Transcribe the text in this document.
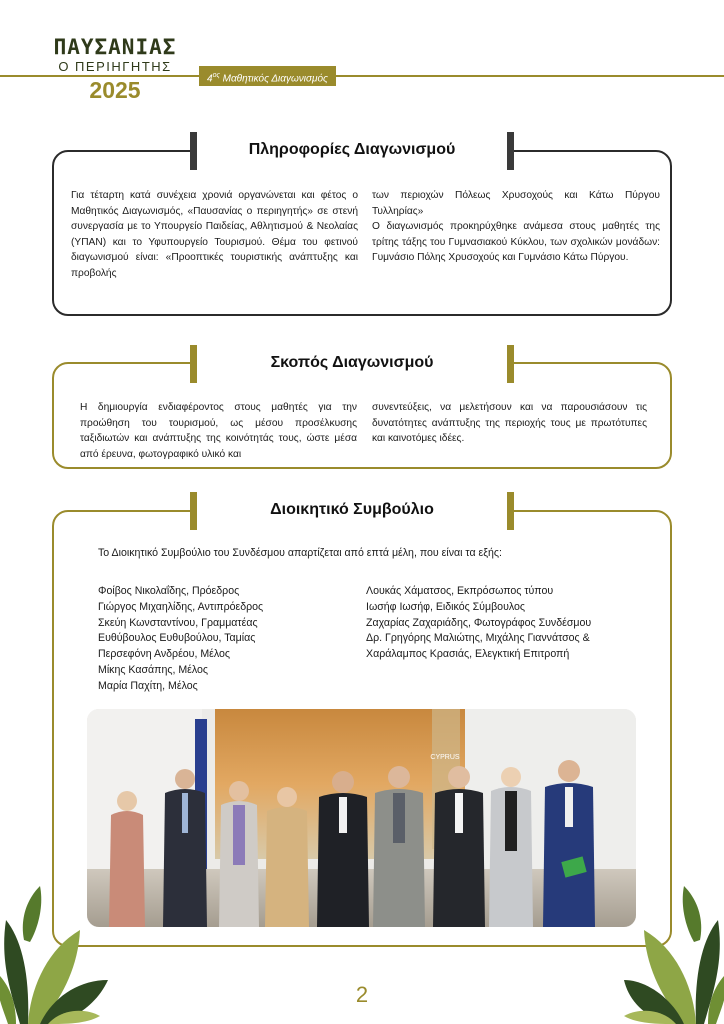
ΠΑΥΣΑΝΙΑΣ
Ο ΠΕΡΙΗΓΗΤΗΣ
2025	$4^{o\varsigma}$ Μαθητικός Διαγωνισμός
Πληροφορίες Διαγωνισμού

Για τέταρτη κατά συνέχεια χρονιά οργανώνεται και φέτος ο Μαθητικός Διαγωνισμός, «Παυσανίας ο περιηγητής» σε στενή συνεργασία με το Υπουργείο Παιδείας, Αθλητισμού & Νεολαίας (ΥΠΑΝ) και το Υφυπουργείο Τουρισμού. Θέμα του φετινού διαγωνισμού είναι: «Προοπτικές τουριστικής ανάπτυξης και προβολής

των περιοχών Πόλεως Χρυσοχούς και Κάτω Πύργου Τυλληρίας»

Ο διαγωνισμός προκηρύχθηκε ανάμεσα στους μαθητές της τρίτης τάξης του Γυμνασιακού Κύκλου, των σχολικών μονάδων: Γυμνάσιο Πόλης Χρυσοχούς και Γυμνάσιο Κάτω Πύργου.

Σκοπός Διαγωνισμού

Η δημιουργία ενδιαφέροντος στους μαθητές για την προώθηση του τουρισμού, ως μέσου προσέλκυσης ταξιδιωτών και ανάπτυξης της κοινότητάς τους, ώστε μέσα από έρευνα, φωτογραφικό υλικό και

συνεντεύξεις, να μελετήσουν και να παρουσιάσουν τις δυνατότητες ανάπτυξης της περιοχής τους με πρωτότυπες και καινοτόμες ιδέες.

Διοικητικό Συμβούλιο
Το Διοικητικό Συμβούλιο του Συνδέσμου απαρτίζεται από επτά μέλη, που είναι τα εξής:
Φοίβος Νικολαΐδης, Πρόεδρος
Γιώργος Μιχαηλίδης, Αντιπρόεδρος
Σκεύη Κωνσταντίνου, Γραμματέας
Ευθύβουλος Ευθυβούλου, Ταμίας
Περσεφόνη Ανδρέου, Μέλος
Μίκης Κασάπης, Μέλος
Μαρία Παχίτη, Μέλος
Λουκάς Χάματσος, Εκπρόσωπος τύπου
Ιωσήφ Ιωσήφ, Ειδικός Σύμβουλος
Ζαχαρίας Ζαχαριάδης, Φωτογράφος Συνδέσμου
Δρ. Γρηγόρης Μαλιώτης, Μιχάλης Γιαννάτσος &
Χαράλαμπος Κρασιάς, Ελεγκτική Επιτροπή
CYPRUS
2
